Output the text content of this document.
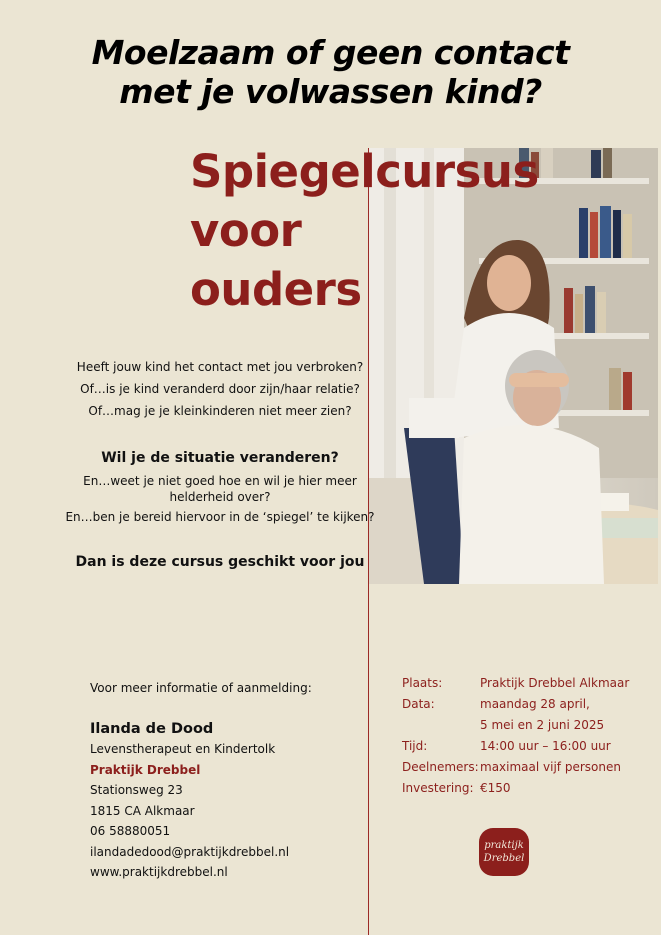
Moelzaam of geen contact
met je volwassen kind?
Spiegelcursus
voor
ouders
Heeft jouw kind het contact met jou verbroken?
Of…is je kind veranderd door zijn/haar relatie?
Of…mag je je kleinkinderen niet meer zien?
Wil je de situatie veranderen?
En…weet je niet goed hoe en wil je hier meer
helderheid over?
En…ben je bereid hiervoor in de ‘spiegel’ te kijken?
Dan is deze cursus geschikt voor jou
Voor meer informatie of aanmelding:
Ilanda de Dood
Levenstherapeut en Kindertolk
Praktijk Drebbel
Stationsweg 23
1815 CA Alkmaar
06 58880051
ilandadedood@praktijkdrebbel.nl
www.praktijkdrebbel.nl
Plaats:	Praktijk Drebbel Alkmaar
Data:	maandag 28 april,
5 mei en 2 juni 2025
Tijd:	14:00 uur – 16:00 uur
Deelnemers: maximaal vijf personen
Investering: €150
praktijk
Drebbel
